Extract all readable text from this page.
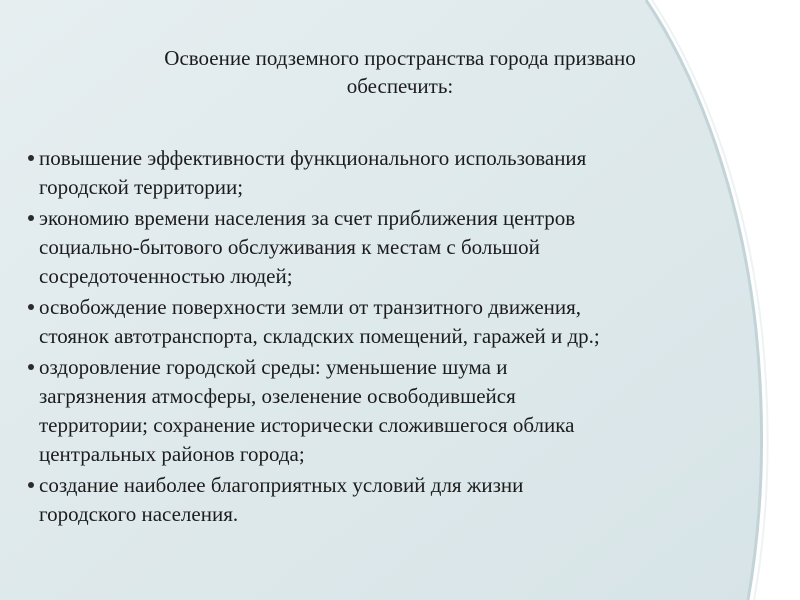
Освоение подземного пространства города призвано
обеспечить:
повышение эффективности функционального использования
городской территории;
экономию времени населения за счет приближения центров
социально-бытового обслуживания к местам с большой
сосредоточенностью людей;
освобождение поверхности земли от транзитного движения,
стоянок автотранспорта, складских помещений, гаражей и др.;
оздоровление городской среды: уменьшение шума и
загрязнения атмосферы, озеленение освободившейся
территории; сохранение исторически сложившегося облика
центральных районов города;
создание наиболее благоприятных условий для жизни
городского населения.
